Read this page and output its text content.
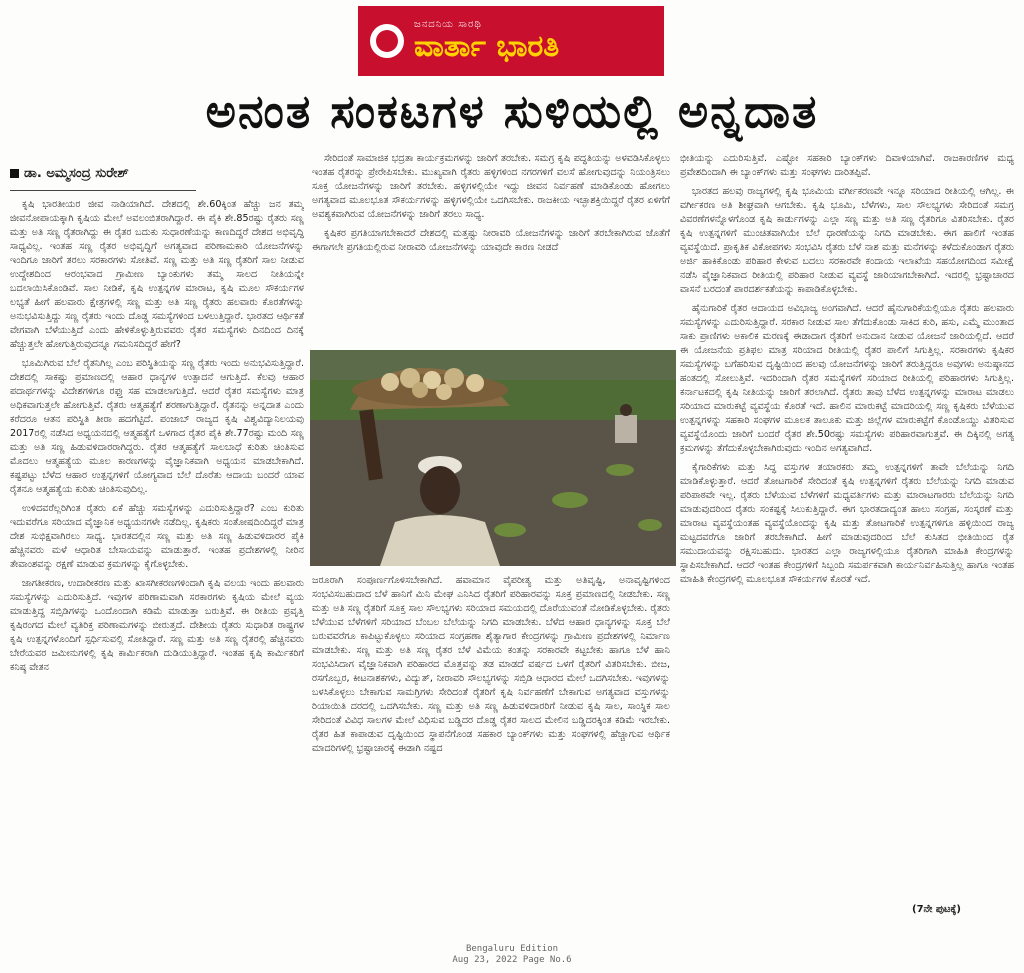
ಜನದನಿಯ ಸಾರಥಿ
ವಾರ್ತಾ ಭಾರತಿ
ಅನಂತ ಸಂಕಟಗಳ ಸುಳಿಯಲ್ಲಿ ಅನ್ನದಾತ
ಡಾ. ಅಮ್ಮಸಂದ್ರ ಸುರೇಶ್

ಕೃಷಿ ಭಾರತೀಯರ ಜೀವ ನಾಡಿಯಾಗಿದೆ. ದೇಶದಲ್ಲಿ ಶೇ.60ಕ್ಕಿಂತ ಹೆಚ್ಚು ಜನ ತಮ್ಮ ಜೀವನೋಪಾಯಕ್ಕಾಗಿ ಕೃಷಿಯ ಮೇಲೆ ಅವಲಂಬಿತರಾಗಿದ್ದಾರೆ. ಈ ಪೈಕಿ ಶೇ.85ರಷ್ಟು ರೈತರು ಸಣ್ಣ ಮತ್ತು ಅತಿ ಸಣ್ಣ ರೈತರಾಗಿದ್ದು ಈ ರೈತರ ಬದುಕು ಸುಧಾರಣೆಯನ್ನು ಕಾಣದಿದ್ದರೆ ದೇಶದ ಅಭಿವೃದ್ಧಿ ಸಾಧ್ಯವಿಲ್ಲ. ಇಂತಹ ಸಣ್ಣ ರೈತರ ಅಭಿವೃದ್ಧಿಗೆ ಅಗತ್ಯವಾದ ಪರಿಣಾಮಕಾರಿ ಯೋಜನೆಗಳನ್ನು ಇಂದಿಗೂ ಜಾರಿಗೆ ತರಲು ಸರಕಾರಗಳು ಸೋತಿವೆ. ಸಣ್ಣ ಮತ್ತು ಅತಿ ಸಣ್ಣ ರೈತರಿಗೆ ಸಾಲ ನೀಡುವ ಉದ್ದೇಶದಿಂದ ಆರಂಭವಾದ ಗ್ರಾಮೀಣ ಬ್ಯಾಂಕುಗಳು ತಮ್ಮ ಸಾಲದ ನೀತಿಯನ್ನೇ ಬದಲಾಯಿಸಿಕೊಂಡಿವೆ. ಸಾಲ ನೀಡಿಕೆ, ಕೃಷಿ ಉತ್ಪನ್ನಗಳ ಮಾರಾಟ, ಕೃಷಿ ಮೂಲ ಸೌಕರ್ಯಗಳ ಲಭ್ಯತೆ ಹೀಗೆ ಹಲವಾರು ಕ್ಷೇತ್ರಗಳಲ್ಲಿ ಸಣ್ಣ ಮತ್ತು ಅತಿ ಸಣ್ಣ ರೈತರು ಹಲವಾರು ಕೊರತೆಗಳನ್ನು ಅನುಭವಿಸುತ್ತಿದ್ದು ಸಣ್ಣ ರೈತರು ಇಂದು ದೊಡ್ಡ ಸಮಸ್ಯೆಗಳಿಂದ ಬಳಲುತ್ತಿದ್ದಾರೆ. ಭಾರತದ ಆರ್ಥಿಕತೆ ವೇಗವಾಗಿ ಬೆಳೆಯುತ್ತಿದೆ ಎಂದು ಹೇಳಿಕೊಳ್ಳುತ್ತಿರುವವರು ರೈತರ ಸಮಸ್ಯೆಗಳು ದಿನದಿಂದ ದಿನಕ್ಕೆ ಹೆಚ್ಚುತ್ತಲೇ ಹೋಗುತ್ತಿರುವುದನ್ನೂ ಗಮನಿಸದಿದ್ದರೆ ಹೇಗೆ?

ಭೂಮಿಗಿರುವ ಬೆಲೆ ರೈತನಿಗಿಲ್ಲ ಎಂಬ ಪರಿಸ್ಥಿತಿಯನ್ನು ಸಣ್ಣ ರೈತರು ಇಂದು ಅನುಭವಿಸುತ್ತಿದ್ದಾರೆ. ದೇಶದಲ್ಲಿ ಸಾಕಷ್ಟು ಪ್ರಮಾಣದಲ್ಲಿ ಆಹಾರ ಧಾನ್ಯಗಳ ಉತ್ಪಾದನೆ ಆಗುತ್ತಿದೆ. ಕೆಲವು ಆಹಾರ ಪದಾರ್ಥಗಳನ್ನು ವಿದೇಶಗಳಿಗೂ ರಫ್ತು ಸಹ ಮಾಡಲಾಗುತ್ತಿದೆ. ಆದರೆ ರೈತರ ಸಮಸ್ಯೆಗಳು ಮಾತ್ರ ಅಧಿಕವಾಗುತ್ತಲೇ ಹೋಗುತ್ತಿವೆ. ರೈತರು ಆತ್ಮಹತ್ಯೆಗೆ ಶರಣಾಗುತ್ತಿದ್ದಾರೆ. ರೈತನನ್ನು ಅನ್ನದಾತ ಎಂದು ಕರೆದರೂ ಆತನ ಪರಿಸ್ಥಿತಿ ತೀರಾ ಹದಗೆಟ್ಟಿದೆ. ಪಂಜಾಬ್ ರಾಜ್ಯದ ಕೃಷಿ ವಿಶ್ವವಿದ್ಯಾನಿಲಯವು 2017ರಲ್ಲಿ ನಡೆಸಿದ ಅಧ್ಯಯನದಲ್ಲಿ ಆತ್ಮಹತ್ಯೆಗೆ ಒಳಗಾದ ರೈತರ ಪೈಕಿ ಶೇ.77ರಷ್ಟು ಮಂದಿ ಸಣ್ಣ ಮತ್ತು ಅತಿ ಸಣ್ಣ ಹಿಡುವಳಿದಾರರಾಗಿದ್ದರು. ರೈತರ ಆತ್ಮಹತ್ಯೆಗೆ ಸಾಲಬಾಧೆ ಕುರಿತು ಚಿಂತಿಸುವ ಮೊದಲು ಆತ್ಮಹತ್ಯೆಯ ಮೂಲ ಕಾರಣಗಳನ್ನು ವೈಜ್ಞಾನಿಕವಾಗಿ ಅಧ್ಯಯನ ಮಾಡಬೇಕಾಗಿದೆ. ಕಷ್ಟಪಟ್ಟು ಬೆಳೆದ ಆಹಾರ ಉತ್ಪನ್ನಗಳಿಗೆ ಯೋಗ್ಯವಾದ ಬೆಲೆ ದೊರೆತು ಆದಾಯ ಬಂದರೆ ಯಾವ ರೈತನೂ ಆತ್ಮಹತ್ಯೆಯ ಕುರಿತು ಚಿಂತಿಸುವುದಿಲ್ಲ.

ಉಳಿದವರೆಲ್ಲರಿಗಿಂತ ರೈತರು ಏಕೆ ಹೆಚ್ಚು ಸಮಸ್ಯೆಗಳನ್ನು ಎದುರಿಸುತ್ತಿದ್ದಾರೆ? ಎಂಬ ಕುರಿತು ಇದುವರೆಗೂ ಸರಿಯಾದ ವೈಜ್ಞಾನಿಕ ಅಧ್ಯಯನಗಳೇ ನಡೆದಿಲ್ಲ. ಕೃಷಿಕರು ಸಂತೋಷದಿಂದಿದ್ದರೆ ಮಾತ್ರ ದೇಶ ಸುಭಿಕ್ಷವಾಗಿರಲು ಸಾಧ್ಯ. ಭಾರತದಲ್ಲಿನ ಸಣ್ಣ ಮತ್ತು ಅತಿ ಸಣ್ಣ ಹಿಡುವಳಿದಾರರ ಪೈಕಿ ಹೆಚ್ಚಿನವರು ಮಳೆ ಆಧಾರಿತ ಬೇಸಾಯವನ್ನು ಮಾಡುತ್ತಾರೆ. ಇಂತಹ ಪ್ರದೇಶಗಳಲ್ಲಿ ನೀರಿನ ತೇವಾಂಶವನ್ನು ರಕ್ಷಣೆ ಮಾಡುವ ಕ್ರಮಗಳನ್ನು ಕೈಗೊಳ್ಳಬೇಕು.

ಜಾಗತೀಕರಣ, ಉದಾರೀಕರಣ ಮತ್ತು ಖಾಸಗೀಕರಣಗಳಿಂದಾಗಿ ಕೃಷಿ ವಲಯ ಇಂದು ಹಲವಾರು ಸಮಸ್ಯೆಗಳನ್ನು ಎದುರಿಸುತ್ತಿದೆ. ಇವುಗಳ ಪರಿಣಾಮವಾಗಿ ಸರಕಾರಗಳು ಕೃಷಿಯ ಮೇಲೆ ವ್ಯಯ ಮಾಡುತ್ತಿದ್ದ ಸಬ್ಸಿಡಿಗಳನ್ನು ಒಂದೊಂದಾಗಿ ಕಡಿಮೆ ಮಾಡುತ್ತಾ ಬರುತ್ತಿವೆ. ಈ ರೀತಿಯ ಪ್ರವೃತ್ತಿ ಕೃಷಿರಂಗದ ಮೇಲೆ ವ್ಯತಿರಿಕ್ತ ಪರಿಣಾಮಗಳನ್ನು ಬೀರುತ್ತದೆ. ದೇಶೀಯ ರೈತರು ಸುಧಾರಿತ ರಾಷ್ಟ್ರಗಳ ಕೃಷಿ ಉತ್ಪನ್ನಗಳೊಂದಿಗೆ ಸ್ಪರ್ಧಿಸುವಲ್ಲಿ ಸೋತಿದ್ದಾರೆ. ಸಣ್ಣ ಮತ್ತು ಅತಿ ಸಣ್ಣ ರೈತರಲ್ಲಿ ಹೆಚ್ಚಿನವರು ಬೇರೆಯವರ ಜಮೀನುಗಳಲ್ಲಿ ಕೃಷಿ ಕಾರ್ಮಿಕರಾಗಿ ದುಡಿಯುತ್ತಿದ್ದಾರೆ. ಇಂತಹ ಕೃಷಿ ಕಾರ್ಮಿಕರಿಗೆ ಕನಿಷ್ಠ ವೇತನ

ಸೇರಿದಂತೆ ಸಾಮಾಜಿಕ ಭದ್ರತಾ ಕಾರ್ಯಕ್ರಮಗಳನ್ನು ಜಾರಿಗೆ ತರಬೇಕು. ಸಮಗ್ರ ಕೃಷಿ ಪದ್ಧತಿಯನ್ನು ಅಳವಡಿಸಿಕೊಳ್ಳಲು ಇಂತಹ ರೈತರನ್ನು ಪ್ರೇರೇಪಿಸಬೇಕು. ಮುಖ್ಯವಾಗಿ ರೈತರು ಹಳ್ಳಿಗಳಿಂದ ನಗರಗಳಿಗೆ ವಲಸೆ ಹೋಗುವುದನ್ನು ನಿಯಂತ್ರಿಸಲು ಸೂಕ್ತ ಯೋಜನೆಗಳನ್ನು ಜಾರಿಗೆ ತರಬೇಕು. ಹಳ್ಳಿಗಳಲ್ಲಿಯೇ ಇದ್ದು ಜೀವನ ನಿರ್ವಹಣೆ ಮಾಡಿಕೊಂಡು ಹೋಗಲು ಅಗತ್ಯವಾದ ಮೂಲಭೂತ ಸೌಕರ್ಯಗಳನ್ನು ಹಳ್ಳಿಗಳಲ್ಲಿಯೇ ಒದಗಿಸಬೇಕು. ರಾಜಕೀಯ ಇಚ್ಛಾಶಕ್ತಿಯಿದ್ದರೆ ರೈತರ ಏಳಿಗೆಗೆ ಅವಶ್ಯಕವಾಗಿರುವ ಯೋಜನೆಗಳನ್ನು ಜಾರಿಗೆ ತರಲು ಸಾಧ್ಯ.

ಕೃಷಿಕರ ಪ್ರಗತಿಯಾಗಬೇಕಾದರೆ ದೇಶದಲ್ಲಿ ಮತ್ತಷ್ಟು ನೀರಾವರಿ ಯೋಜನೆಗಳನ್ನು ಜಾರಿಗೆ ತರಬೇಕಾಗಿರುವ ಜೊತೆಗೆ ಈಗಾಗಲೇ ಪ್ರಗತಿಯಲ್ಲಿರುವ ನೀರಾವರಿ ಯೋಜನೆಗಳನ್ನು ಯಾವುದೇ ಕಾರಣ ನೀಡದೆ

ಜರೂರಾಗಿ ಸಂಪೂರ್ಣಗೊಳಿಸಬೇಕಾಗಿದೆ. ಹವಾಮಾನ ವೈಪರೀತ್ಯ ಮತ್ತು ಅತಿವೃಷ್ಟಿ, ಅನಾವೃಷ್ಟಿಗಳಿಂದ ಸಂಭವಿಸಬಹುದಾದ ಬೆಳೆ ಹಾನಿಗೆ ಮಿನಿ ಮೇಘ ಎನಿಸಿದ ರೈತರಿಗೆ ಪರಿಹಾರವನ್ನು ಸೂಕ್ತ ಪ್ರಮಾಣದಲ್ಲಿ ನೀಡಬೇಕು. ಸಣ್ಣ ಮತ್ತು ಅತಿ ಸಣ್ಣ ರೈತರಿಗೆ ಸೂಕ್ತ ಸಾಲ ಸೌಲಭ್ಯಗಳು ಸರಿಯಾದ ಸಮಯದಲ್ಲಿ ದೊರೆಯುವಂತೆ ನೋಡಿಕೊಳ್ಳಬೇಕು. ರೈತರು ಬೆಳೆಯುವ ಬೆಳೆಗಳಿಗೆ ಸರಿಯಾದ ಬೆಂಬಲ ಬೆಲೆಯನ್ನು ನಿಗದಿ ಮಾಡಬೇಕು. ಬೆಳೆದ ಆಹಾರ ಧಾನ್ಯಗಳನ್ನು ಸೂಕ್ತ ಬೆಲೆ ಬರುವವರೆಗೂ ಕಾಪಿಟ್ಟುಕೊಳ್ಳಲು ಸರಿಯಾದ ಸಂಗ್ರಹಣಾ ಶೈತ್ಯಾಗಾರ ಕೇಂದ್ರಗಳನ್ನು ಗ್ರಾಮೀಣ ಪ್ರದೇಶಗಳಲ್ಲಿ ನಿರ್ಮಾಣ ಮಾಡಬೇಕು. ಸಣ್ಣ ಮತ್ತು ಅತಿ ಸಣ್ಣ ರೈತರ ಬೆಳೆ ವಿಮೆಯ ಕಂತನ್ನು ಸರಕಾರವೇ ಕಟ್ಟಬೇಕು ಹಾಗೂ ಬೆಳೆ ಹಾನಿ ಸಂಭವಿಸಿದಾಗ ವೈಜ್ಞಾನಿಕವಾಗಿ ಪರಿಹಾರದ ಮೊತ್ತವನ್ನು ತಡ ಮಾಡದೆ ವರ್ಷದ ಒಳಗೆ ರೈತರಿಗೆ ವಿತರಿಸಬೇಕು. ಬೀಜ, ರಸಗೊಬ್ಬರ, ಕೀಟನಾಶಕಗಳು, ವಿದ್ಯುತ್, ನೀರಾವರಿ ಸೌಲಭ್ಯಗಳನ್ನು ಸಬ್ಸಿಡಿ ಆಧಾರದ ಮೇಲೆ ಒದಗಿಸಬೇಕು. ಇವುಗಳನ್ನು ಬಳಸಿಕೊಳ್ಳಲು ಬೇಕಾಗುವ ಸಾಮಗ್ರಿಗಳು ಸೇರಿದಂತೆ ರೈತರಿಗೆ ಕೃಷಿ ನಿರ್ವಹಣೆಗೆ ಬೇಕಾಗುವ ಅಗತ್ಯವಾದ ವಸ್ತುಗಳನ್ನು ರಿಯಾಯಿತಿ ದರದಲ್ಲಿ ಒದಗಿಸಬೇಕು. ಸಣ್ಣ ಮತ್ತು ಅತಿ ಸಣ್ಣ ಹಿಡುವಳಿದಾರರಿಗೆ ನೀಡುವ ಕೃಷಿ ಸಾಲ, ಸಾಂಸ್ಥಿಕ ಸಾಲ ಸೇರಿದಂತೆ ವಿವಿಧ ಸಾಲಗಳ ಮೇಲೆ ವಿಧಿಸುವ ಬಡ್ಡಿದರ ದೊಡ್ಡ ರೈತರ ಸಾಲದ ಮೇಲಿನ ಬಡ್ಡಿದರಕ್ಕಿಂತ ಕಡಿಮೆ ಇರಬೇಕು. ರೈತರ ಹಿತ ಕಾಪಾಡುವ ದೃಷ್ಟಿಯಿಂದ ಸ್ಥಾಪನೆಗೊಂಡ ಸಹಕಾರ ಬ್ಯಾಂಕ್‌ಗಳು ಮತ್ತು ಸಂಘಗಳಲ್ಲಿ ಹೆಚ್ಚಾಗುವ ಆರ್ಥಿಕ ಮಾದರಿಗಳಲ್ಲಿ ಭ್ರಷ್ಟಾಚಾರಕ್ಕೆ ಈಡಾಗಿ ನಷ್ಟದ

ಭೀತಿಯನ್ನು ಎದುರಿಸುತ್ತಿವೆ. ಎಷ್ಟೋ ಸಹಕಾರಿ ಬ್ಯಾಂಕ್‌ಗಳು ದಿವಾಳಿಯಾಗಿವೆ. ರಾಜಕಾರಣಿಗಳ ಮಧ್ಯ ಪ್ರವೇಶದಿಂದಾಗಿ ಈ ಬ್ಯಾಂಕ್‌ಗಳು ಮತ್ತು ಸಂಘಗಳು ದಾರಿತಪ್ಪಿವೆ.

ಭಾರತದ ಹಲವು ರಾಜ್ಯಗಳಲ್ಲಿ ಕೃಷಿ ಭೂಮಿಯ ವರ್ಗೀಕರಣವೇ ಇನ್ನೂ ಸರಿಯಾದ ರೀತಿಯಲ್ಲಿ ಆಗಿಲ್ಲ. ಈ ವರ್ಗೀಕರಣ ಅತಿ ಶೀಘ್ರವಾಗಿ ಆಗಬೇಕು. ಕೃಷಿ ಭೂಮಿ, ಬೆಳೆಗಳು, ಸಾಲ ಸೌಲಭ್ಯಗಳು ಸೇರಿದಂತೆ ಸಮಗ್ರ ವಿವರಣೆಗಳನ್ನೊಳಗೊಂಡ ಕೃಷಿ ಕಾರ್ಡುಗಳನ್ನು ಎಲ್ಲಾ ಸಣ್ಣ ಮತ್ತು ಅತಿ ಸಣ್ಣ ರೈತರಿಗೂ ವಿತರಿಸಬೇಕು. ರೈತರ ಕೃಷಿ ಉತ್ಪನ್ನಗಳಿಗೆ ಮುಂಚಿತವಾಗಿಯೇ ಬೆಲೆ ಧಾರಣೆಯನ್ನು ನಿಗದಿ ಮಾಡಬೇಕು. ಈಗ ಹಾಲಿಗೆ ಇಂತಹ ವ್ಯವಸ್ಥೆಯಿದೆ. ಪ್ರಾಕೃತಿಕ ವಿಕೋಪಗಳು ಸಂಭವಿಸಿ ರೈತರು ಬೆಳೆ ನಾಶ ಮತ್ತು ಮನೆಗಳನ್ನು ಕಳೆದುಕೊಂಡಾಗ ರೈತರು ಅರ್ಜಿ ಹಾಕಿಕೊಂಡು ಪರಿಹಾರ ಕೇಳುವ ಬದಲು ಸರಕಾರವೇ ಕಂದಾಯ ಇಲಾಖೆಯ ಸಹಯೋಗದಿಂದ ಸಮೀಕ್ಷೆ ನಡೆಸಿ ವೈಜ್ಞಾನಿಕವಾದ ರೀತಿಯಲ್ಲಿ ಪರಿಹಾರ ನೀಡುವ ವ್ಯವಸ್ಥೆ ಜಾರಿಯಾಗಬೇಕಾಗಿದೆ. ಇದರಲ್ಲಿ ಭ್ರಷ್ಟಾಚಾರದ ವಾಸನೆ ಬರದಂತೆ ಪಾರದರ್ಶಕತೆಯನ್ನು ಕಾಪಾಡಿಕೊಳ್ಳಬೇಕು.

ಹೈನುಗಾರಿಕೆ ರೈತರ ಆದಾಯದ ಅವಿಭಾಜ್ಯ ಅಂಗವಾಗಿದೆ. ಆದರೆ ಹೈನುಗಾರಿಕೆಯಲ್ಲಿಯೂ ರೈತರು ಹಲವಾರು ಸಮಸ್ಯೆಗಳನ್ನು ಎದುರಿಸುತ್ತಿದ್ದಾರೆ. ಸರಕಾರ ನೀಡುವ ಸಾಲ ತೆಗೆದುಕೊಂಡು ಸಾಕಿದ ಕುರಿ, ಹಸು, ಎಮ್ಮೆ ಮುಂತಾದ ಸಾಕು ಪ್ರಾಣಿಗಳು ಅಕಾಲಿಕ ಮರಣಕ್ಕೆ ಈಡಾದಾಗ ರೈತರಿಗೆ ಅನುದಾನ ನೀಡುವ ಯೋಜನೆ ಜಾರಿಯಲ್ಲಿದೆ. ಆದರೆ ಈ ಯೋಜನೆಯ ಪ್ರತಿಫಲ ಮಾತ್ರ ಸರಿಯಾದ ರೀತಿಯಲ್ಲಿ ರೈತರ ಪಾಲಿಗೆ ಸಿಗುತ್ತಿಲ್ಲ. ಸರಕಾರಗಳು ಕೃಷಿಕರ ಸಮಸ್ಯೆಗಳನ್ನು ಬಗೆಹರಿಸುವ ದೃಷ್ಟಿಯಿಂದ ಹಲವು ಯೋಜನೆಗಳನ್ನು ಜಾರಿಗೆ ತರುತ್ತಿದ್ದರೂ ಅವುಗಳು ಅನುಷ್ಠಾನದ ಹಂತದಲ್ಲಿ ಸೋಲುತ್ತಿವೆ. ಇದರಿಂದಾಗಿ ರೈತರ ಸಮಸ್ಯೆಗಳಿಗೆ ಸರಿಯಾದ ರೀತಿಯಲ್ಲಿ ಪರಿಹಾರಗಳು ಸಿಗುತ್ತಿಲ್ಲ. ಕರ್ನಾಟಕದಲ್ಲಿ ಕೃಷಿ ನೀತಿಯನ್ನು ಜಾರಿಗೆ ತರಲಾಗಿದೆ. ರೈತರು ತಾವು ಬೆಳೆದ ಉತ್ಪನ್ನಗಳನ್ನು ಮಾರಾಟ ಮಾಡಲು ಸರಿಯಾದ ಮಾರುಕಟ್ಟೆ ವ್ಯವಸ್ಥೆಯ ಕೊರತೆ ಇದೆ. ಹಾಲಿನ ಮಾರುಕಟ್ಟೆ ಮಾದರಿಯಲ್ಲಿ ಸಣ್ಣ ಕೃಷಿಕರು ಬೆಳೆಯುವ ಉತ್ಪನ್ನಗಳನ್ನು ಸಹಕಾರಿ ಸಂಘಗಳ ಮೂಲಕ ತಾಲೂಕು ಮತ್ತು ಜಿಲ್ಲೆಗಳ ಮಾರುಕಟ್ಟೆಗೆ ಕೊಂಡೊಯ್ದು ವಿತರಿಸುವ ವ್ಯವಸ್ಥೆಯೊಂದು ಜಾರಿಗೆ ಬಂದರೆ ರೈತರ ಶೇ.50ರಷ್ಟು ಸಮಸ್ಯೆಗಳು ಪರಿಹಾರವಾಗುತ್ತವೆ. ಈ ದಿಕ್ಕಿನಲ್ಲಿ ಅಗತ್ಯ ಕ್ರಮಗಳನ್ನು ತೆಗೆದುಕೊಳ್ಳಬೇಕಾಗಿರುವುದು ಇಂದಿನ ಅಗತ್ಯವಾಗಿದೆ.

ಕೈಗಾರಿಕೆಗಳು ಮತ್ತು ಸಿದ್ಧ ವಸ್ತುಗಳ ತಯಾರಕರು ತಮ್ಮ ಉತ್ಪನ್ನಗಳಿಗೆ ತಾವೇ ಬೆಲೆಯನ್ನು ನಿಗದಿ ಮಾಡಿಕೊಳ್ಳುತ್ತಾರೆ. ಆದರೆ ತೋಟಗಾರಿಕೆ ಸೇರಿದಂತೆ ಕೃಷಿ ಉತ್ಪನ್ನಗಳಿಗೆ ರೈತರು ಬೆಲೆಯನ್ನು ನಿಗದಿ ಮಾಡುವ ಪರಿಪಾಠವೇ ಇಲ್ಲ. ರೈತರು ಬೆಳೆಯುವ ಬೆಳೆಗಳಿಗೆ ಮಧ್ಯವರ್ತಿಗಳು ಮತ್ತು ಮಾರಾಟಗಾರರು ಬೆಲೆಯನ್ನು ನಿಗದಿ ಮಾಡುವುದರಿಂದ ರೈತರು ಸಂಕಷ್ಟಕ್ಕೆ ಸಿಲುಕುತ್ತಿದ್ದಾರೆ. ಈಗ ಭಾರತದಾದ್ಯಂತ ಹಾಲು ಸಂಗ್ರಹ, ಸಂಸ್ಕರಣೆ ಮತ್ತು ಮಾರಾಟ ವ್ಯವಸ್ಥೆಯಂತಹ ವ್ಯವಸ್ಥೆಯೊಂದನ್ನು ಕೃಷಿ ಮತ್ತು ತೋಟಗಾರಿಕೆ ಉತ್ಪನ್ನಗಳಿಗೂ ಹಳ್ಳಿಯಿಂದ ರಾಜ್ಯ ಮಟ್ಟದವರೆಗೂ ಜಾರಿಗೆ ತರಬೇಕಾಗಿದೆ. ಹೀಗೆ ಮಾಡುವುದರಿಂದ ಬೆಲೆ ಕುಸಿತದ ಭೀತಿಯಿಂದ ರೈತ ಸಮುದಾಯವನ್ನು ರಕ್ಷಿಸಬಹುದು. ಭಾರತದ ಎಲ್ಲಾ ರಾಜ್ಯಗಳಲ್ಲಿಯೂ ರೈತರಿಗಾಗಿ ಮಾಹಿತಿ ಕೇಂದ್ರಗಳನ್ನು ಸ್ಥಾಪಿಸಬೇಕಾಗಿದೆ. ಆದರೆ ಇಂತಹ ಕೇಂದ್ರಗಳಿಗೆ ಸಿಬ್ಬಂದಿ ಸಮರ್ಪಕವಾಗಿ ಕಾರ್ಯನಿರ್ವಹಿಸುತ್ತಿಲ್ಲ ಹಾಗೂ ಇಂತಹ ಮಾಹಿತಿ ಕೇಂದ್ರಗಳಲ್ಲಿ ಮೂಲಭೂತ ಸೌಕರ್ಯಗಳ ಕೊರತೆ ಇದೆ.

(7ನೇ ಪುಟಕ್ಕೆ)
Bengaluru Edition
Aug 23, 2022 Page No.6
